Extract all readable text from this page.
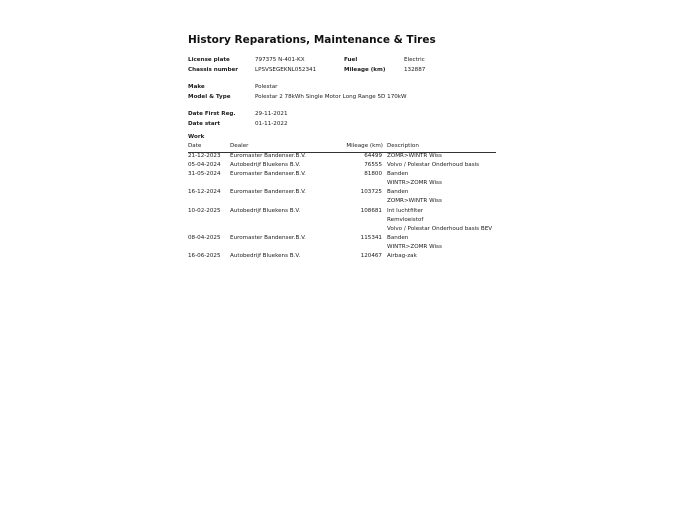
History Reparations, Maintenance & Tires
License plate	797375 N-401-KX	Fuel	Electric
Chassis number	LPSVSEGEKNL052341	Mileage (km)	132887
Make	Polestar
Model & Type	Polestar 2 78kWh Single Motor Long Range 5D 170kW
Date First Reg.	29-11-2021
Date start	01-11-2022
Work
Date	Dealer	Mileage (km) Description
21-12-2023 Euromaster Bandenser.B.V.	64499 ZOMR>WINTR Wiss
05-04-2024 Autobedrijf Bluekens B.V.	76555 Volvo / Polestar Onderhoud basis
31-05-2024 Euromaster Bandenser.B.V.	81800 Banden
WINTR>ZOMR Wiss
16-12-2024 Euromaster Bandenser.B.V.	103725 Banden
ZOMR>WINTR Wiss
10-02-2025 Autobedrijf Bluekens B.V.	108681 Int luchtfilter
Remvloeistof
Volvo / Polestar Onderhoud basis BEV
08-04-2025 Euromaster Bandenser.B.V.	115341 Banden
WINTR>ZOMR Wiss
16-06-2025 Autobedrijf Bluekens B.V.	120467 Airbag-zak
